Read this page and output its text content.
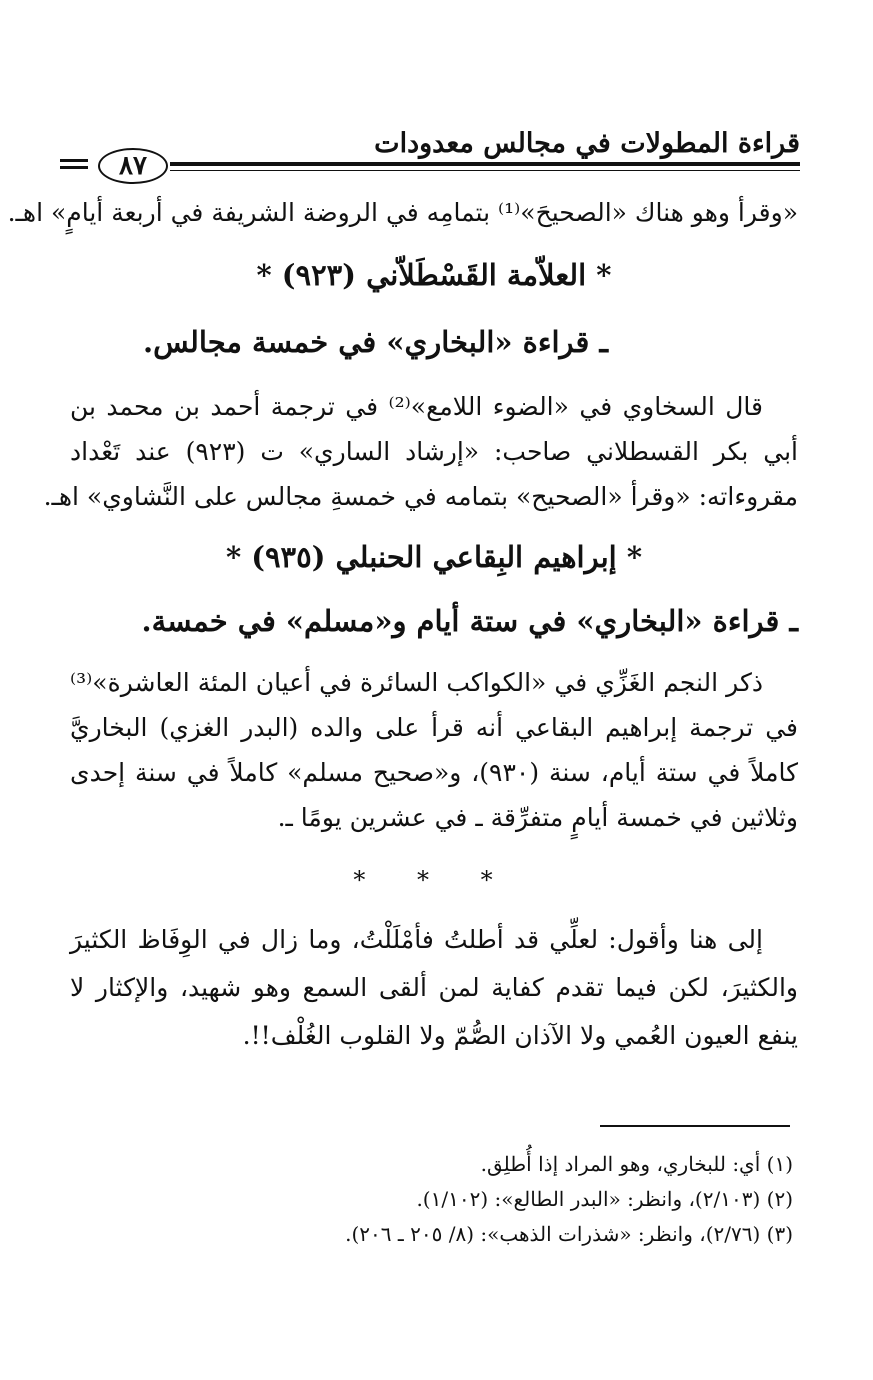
قراءة المطولات في مجالس معدودات
٨٧
«وقرأ وهو هناك «الصحيحَ»⁽¹⁾ بتمامِه في الروضة الشريفة في أربعة أيامٍ» اهـ.
* العلاّمة القَسْطَلاّني (٩٢٣) *
ـ قراءة «البخاري» في خمسة مجالس.
قال السخاوي في «الضوء اللامع»⁽²⁾ في ترجمة أحمد بن محمد بن
أبي بكر القسطلاني صاحب: «إرشاد الساري» ت (٩٢٣) عند تَعْداد
مقروءاته: «وقرأ «الصحيح» بتمامه في خمسةِ مجالس على النَّشاوي» اهـ.
* إبراهيم البِقاعي الحنبلي (٩٣٥) *
ـ قراءة «البخاري» في ستة أيام و«مسلم» في خمسة.
ذكر النجم الغَزِّي في «الكواكب السائرة في أعيان المئة العاشرة»⁽³⁾
في ترجمة إبراهيم البقاعي أنه قرأ على والده (البدر الغزي) البخاريَّ
كاملاً في ستة أيام، سنة (٩٣٠)، و«صحيح مسلم» كاملاً في سنة إحدى
وثلاثين في خمسة أيامٍ متفرِّقة ـ في عشرين يومًا ـ.
* * *
إلى هنا وأقول: لعلِّي قد أطلتُ فأمْلَلْتُ، وما زال في الوِفَاظ الكثيرَ
والكثيرَ، لكن فيما تقدم كفاية لمن ألقى السمع وهو شهيد، والإكثار لا
ينفع العيون العُمي ولا الآذان الصُّمّ ولا القلوب الغُلْف!!.
(١) أي: للبخاري، وهو المراد إذا أُطلِق.
(٢) (٢/١٠٣)، وانظر: «البدر الطالع»: (١/١٠٢).
(٣) (٢/٧٦)، وانظر: «شذرات الذهب»: (٨/ ٢٠٥ ـ ٢٠٦).
